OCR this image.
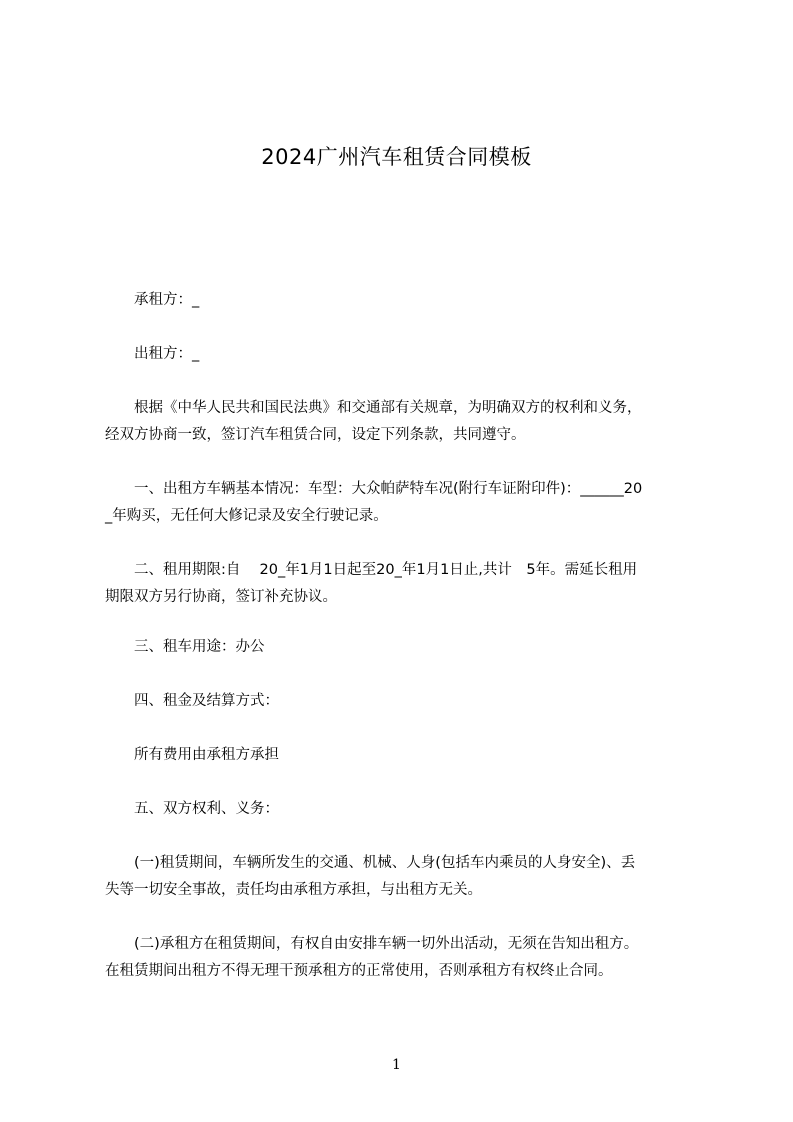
2024广州汽车租赁合同模板
　　承租方：_
　　出租方：_
　　根据《中华人民共和国民法典》和交通部有关规章，为明确双方的权利和义务，
经双方协商一致，签订汽车租赁合同，设定下列条款，共同遵守。
　　一、出租方车辆基本情况：车型：大众帕萨特车况(附行车证附印件)：______20
_年购买，无任何大修记录及安全行驶记录。
　　二、租用期限:自　 20_年1月1日起至20_年1月1日止,共计　5年。需延长租用
期限双方另行协商，签订补充协议。
　　三、租车用途：办公
　　四、租金及结算方式：
　　所有费用由承租方承担
　　五、双方权利、义务：
　　(一)租赁期间，车辆所发生的交通、机械、人身(包括车内乘员的人身安全)、丢
失等一切安全事故，责任均由承租方承担，与出租方无关。
　　(二)承租方在租赁期间，有权自由安排车辆一切外出活动，无须在告知出租方。
在租赁期间出租方不得无理干预承租方的正常使用，否则承租方有权终止合同。
1
